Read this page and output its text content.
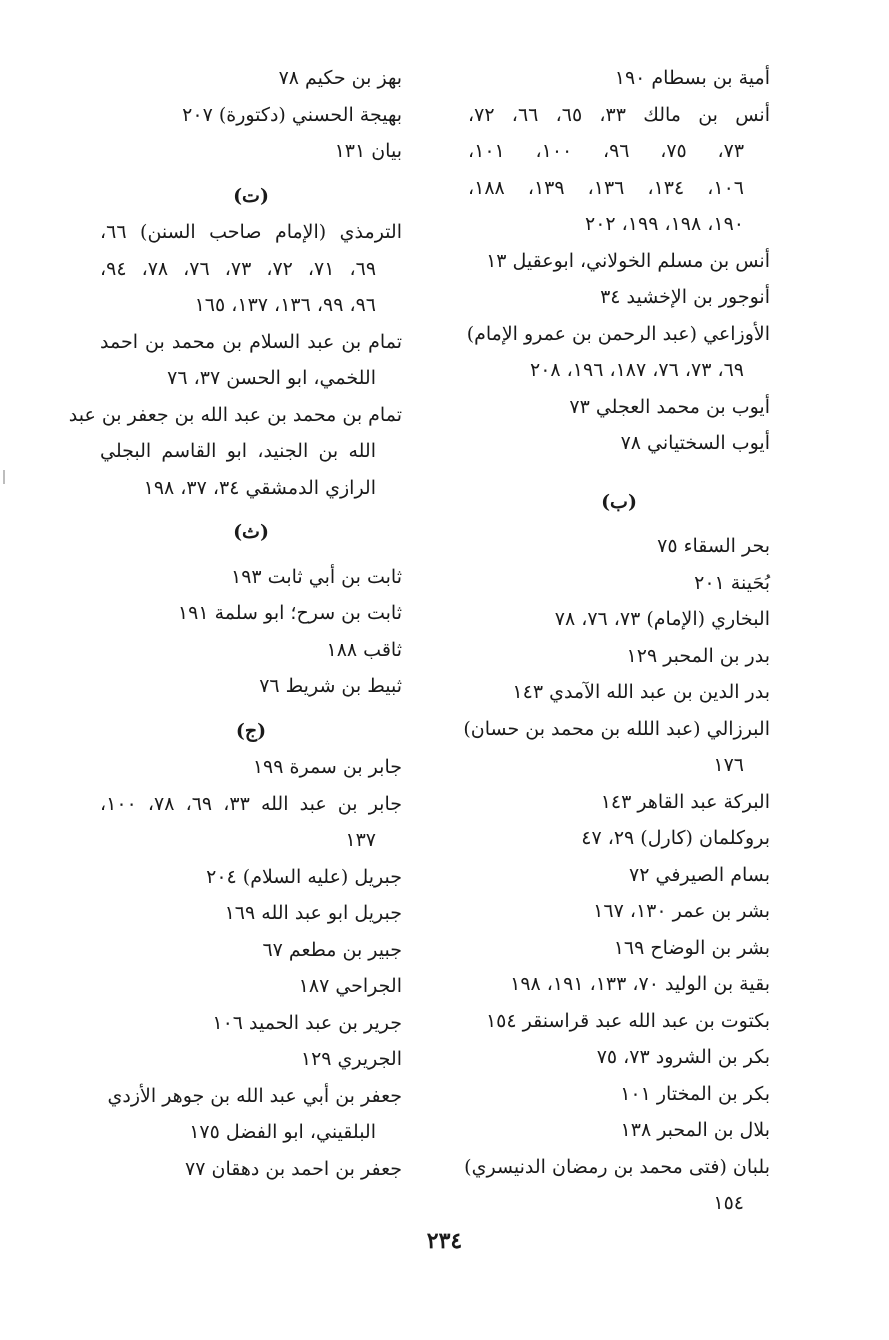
أمية بن بسطام ١٩٠
أنس بن مالك ٣٣، ٦٥، ٦٦، ٧٢،
٧٣، ٧٥، ٩٦، ١٠٠، ١٠١،
١٠٦، ١٣٤، ١٣٦، ١٣٩، ١٨٨،
١٩٠، ١٩٨، ١٩٩، ٢٠٢
أنس بن مسلم الخولاني، ابوعقيل ١٣
أنوجور بن الإخشيد ٣٤
الأوزاعي (عبد الرحمن بن عمرو الإمام)
٦٩، ٧٣، ٧٦، ١٨٧، ١٩٦، ٢٠٨
أيوب بن محمد العجلي ٧٣
أيوب السختياني ٧٨
(ب)
بحر السقاء ٧٥
بُحَينة ٢٠١
البخاري (الإمام) ٧٣، ٧٦، ٧٨
بدر بن المحبر ١٢٩
بدر الدين بن عبد الله الآمدي ١٤٣
البرزالي (عبد اللله بن محمد بن حسان)
١٧٦
البركة عبد القاهر ١٤٣
بروكلمان (كارل) ٢٩، ٤٧
بسام الصيرفي ٧٢
بشر بن عمر ١٣٠، ١٦٧
بشر بن الوضاح ١٦٩
بقية بن الوليد ٧٠، ١٣٣، ١٩١، ١٩٨
بكتوت بن عبد الله عبد قراسنقر ١٥٤
بكر بن الشرود ٧٣، ٧٥
بكر بن المختار ١٠١
بلال بن المحبر ١٣٨
بلبان (فتى محمد بن رمضان الدنيسري)
١٥٤
بهز بن حكيم ٧٨
بهيجة الحسني (دكتورة) ٢٠٧
بيان ١٣١
(ت)
الترمذي (الإمام صاحب السنن) ٦٦،
٦٩، ٧١، ٧٢، ٧٣، ٧٦، ٧٨، ٩٤،
٩٦، ٩٩، ١٣٦، ١٣٧، ١٦٥
تمام بن عبد السلام بن محمد بن احمد
اللخمي، ابو الحسن ٣٧، ٧٦
تمام بن محمد بن عبد الله بن جعفر بن عبد
الله بن الجنيد، ابو القاسم البجلي
الرازي الدمشقي ٣٤، ٣٧، ١٩٨
(ث)
ثابت بن أبي ثابت ١٩٣
ثابت بن سرح؛ ابو سلمة ١٩١
ثاقب ١٨٨
ثبيط بن شريط ٧٦
(ج)
جابر بن سمرة ١٩٩
جابر بن عبد الله ٣٣، ٦٩، ٧٨، ١٠٠،
١٣٧
جبريل (عليه السلام) ٢٠٤
جبريل ابو عبد الله ١٦٩
جبير بن مطعم ٦٧
الجراحي ١٨٧
جرير بن عبد الحميد ١٠٦
الجريري ١٢٩
جعفر بن أبي عبد الله بن جوهر الأزدي
البلقيني، ابو الفضل ١٧٥
جعفر بن احمد بن دهقان ٧٧
٢٣٤
